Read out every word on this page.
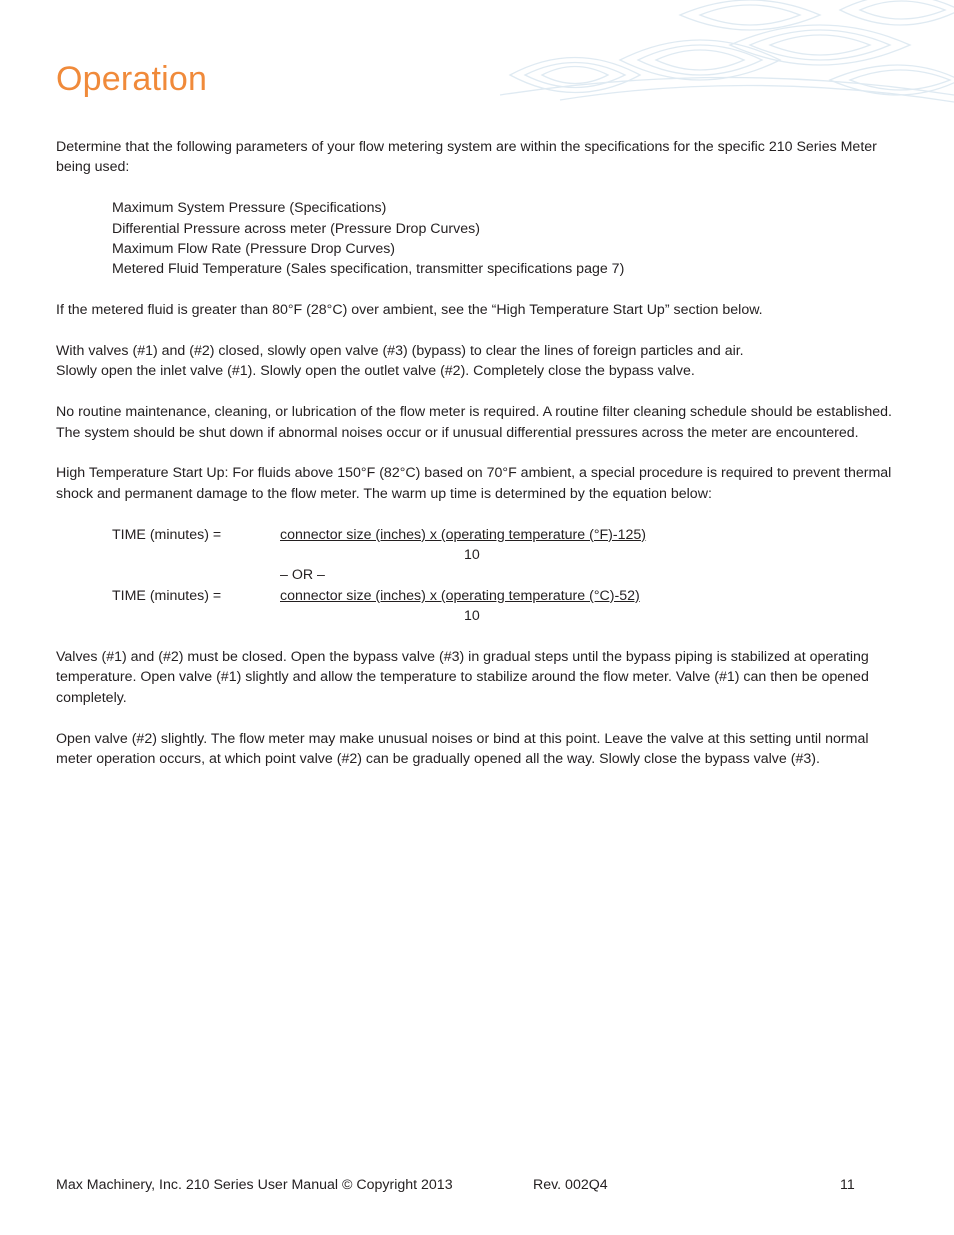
Operation

Determine that the following parameters of your flow metering system are within the specifications for the specific 210 Series Meter being used:

Maximum System Pressure (Specifications)
Differential Pressure across meter (Pressure Drop Curves)
Maximum Flow Rate (Pressure Drop Curves)
Metered Fluid Temperature (Sales specification, transmitter specifications page 7)

If the metered fluid is greater than 80°F (28°C) over ambient, see the “High Temperature Start Up” section below.

With valves (#1) and (#2) closed, slowly open valve (#3) (bypass) to clear the lines of foreign particles and air.
Slowly open the inlet valve (#1). Slowly open the outlet valve (#2). Completely close the bypass valve.

No routine maintenance, cleaning, or lubrication of the flow meter is required. A routine filter cleaning schedule should be established. The system should be shut down if abnormal noises occur or if unusual differential pressures across the meter are encountered.

High Temperature Start Up: For fluids above 150°F (82°C) based on 70°F ambient, a special procedure is required to prevent thermal shock and permanent damage to the flow meter. The warm up time is determined by the equation below:

TIME (minutes) =	connector size (inches) x (operating temperature (°F)-125)
10
– OR –
TIME (minutes) =	connector size (inches) x (operating temperature (°C)-52)
10

Valves (#1) and (#2) must be closed. Open the bypass valve (#3) in gradual steps until the bypass piping is stabilized at operating temperature. Open valve (#1) slightly and allow the temperature to stabilize around the flow meter. Valve (#1) can then be opened completely.

Open valve (#2) slightly. The flow meter may make unusual noises or bind at this point. Leave the valve at this setting until normal meter operation occurs, at which point valve (#2) can be gradually opened all the way. Slowly close the bypass valve (#3).

Max Machinery, Inc. 210 Series User Manual © Copyright 2013	Rev. 002Q4	11
